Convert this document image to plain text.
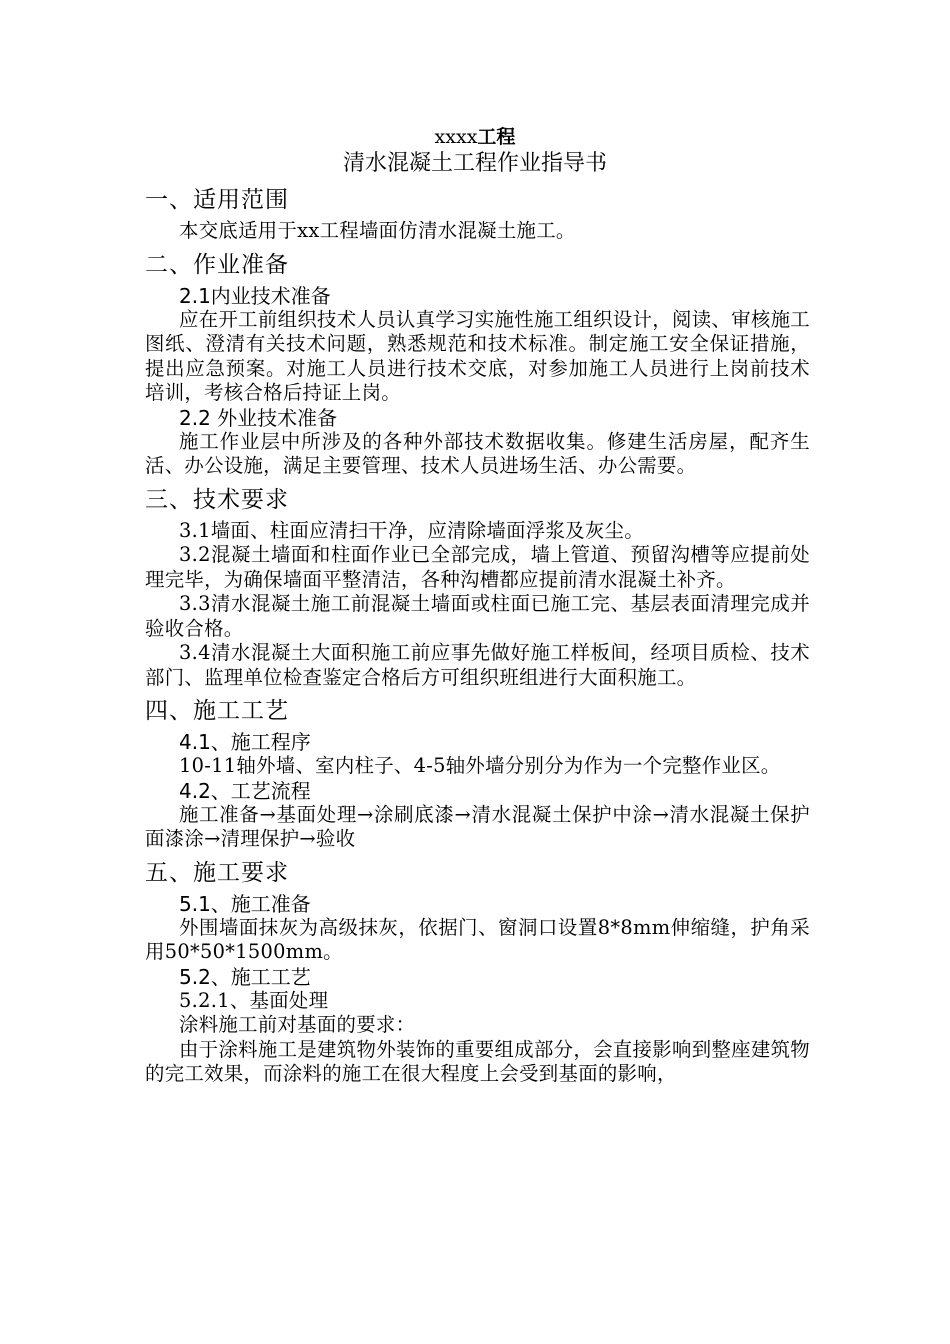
xxxx工程
清水混凝土工程作业指导书
一、适用范围
本交底适用于xx工程墙面仿清水混凝土施工。
二、作业准备
2.1内业技术准备
应在开工前组织技术人员认真学习实施性施工组织设计，阅读、审核施工图纸、澄清有关技术问题，熟悉规范和技术标准。制定施工安全保证措施，提出应急预案。对施工人员进行技术交底，对参加施工人员进行上岗前技术培训，考核合格后持证上岗。
2.2 外业技术准备
施工作业层中所涉及的各种外部技术数据收集。修建生活房屋，配齐生活、办公设施，满足主要管理、技术人员进场生活、办公需要。
三、技术要求
3.1墙面、柱面应清扫干净，应清除墙面浮浆及灰尘。
3.2混凝土墙面和柱面作业已全部完成，墙上管道、预留沟槽等应提前处理完毕，为确保墙面平整清洁，各种沟槽都应提前清水混凝土补齐。
3.3清水混凝土施工前混凝土墙面或柱面已施工完、基层表面清理完成并验收合格。
3.4清水混凝土大面积施工前应事先做好施工样板间，经项目质检、技术部门、监理单位检查鉴定合格后方可组织班组进行大面积施工。
四、施工工艺
4.1、施工程序
10-11轴外墙、室内柱子、4-5轴外墙分别分为作为一个完整作业区。
4.2、工艺流程
施工准备→基面处理→涂刷底漆→清水混凝土保护中涂→清水混凝土保护面漆涂→清理保护→验收
五、施工要求
5.1、施工准备
外围墙面抹灰为高级抹灰，依据门、窗洞口设置8*8mm伸缩缝，护角采用50*50*1500mm。
5.2、施工工艺
5.2.1、基面处理
涂料施工前对基面的要求：
由于涂料施工是建筑物外装饰的重要组成部分，会直接影响到整座建筑物的完工效果，而涂料的施工在很大程度上会受到基面的影响，
